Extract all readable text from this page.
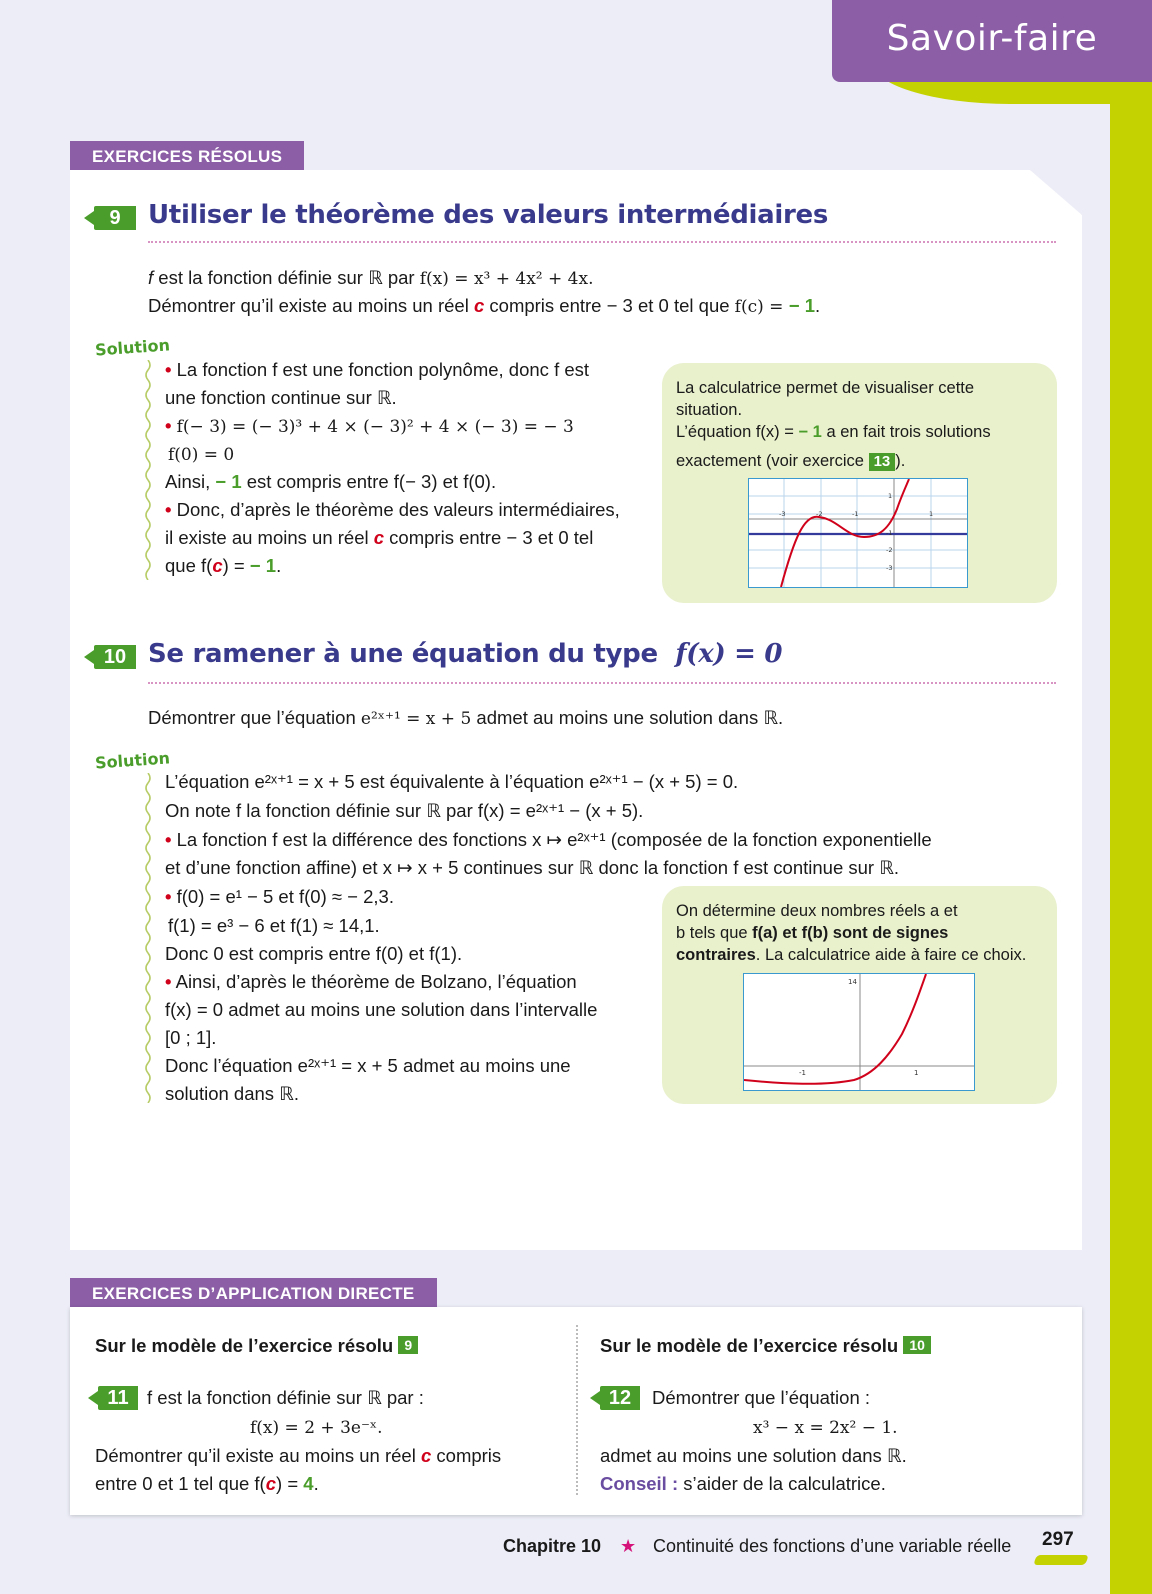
Savoir-faire
EXERCICES RÉSOLUS
9	Utiliser le théorème des valeurs intermédiaires
f est la fonction définie sur ℝ par f(x) = x³ + 4x² + 4x.
Démontrer qu’il existe au moins un réel c compris entre − 3 et 0 tel que f(c) = − 1.
Solution
• La fonction f est une fonction polynôme, donc f est
une fonction continue sur ℝ.
• f(− 3) = (− 3)³ + 4 × (− 3)² + 4 × (− 3) = − 3
f(0) = 0
Ainsi, − 1 est compris entre f(− 3) et f(0).
• Donc, d’après le théorème des valeurs intermédiaires,
il existe au moins un réel c compris entre − 3 et 0 tel
que f(c) = − 1.
La calculatrice permet de visualiser cette
situation.
L’équation f(x) = − 1 a en fait trois solutions
exactement (voir exercice 13 ).
-3	-2	-1	1
1
-1
-2
-3
10 Se ramener à une équation du type f(x) = 0
Démontrer que l’équation e²ˣ⁺¹ = x + 5 admet au moins une solution dans ℝ.
Solution
L’équation e²ˣ⁺¹ = x + 5 est équivalente à l’équation e²ˣ⁺¹ − (x + 5) = 0.
On note f la fonction définie sur ℝ par f(x) = e²ˣ⁺¹ − (x + 5).
• La fonction f est la différence des fonctions x ↦ e²ˣ⁺¹ (composée de la fonction exponentielle
et d’une fonction affine) et x ↦ x + 5 continues sur ℝ donc la fonction f est continue sur ℝ.
• f(0) = e¹ − 5 et f(0) ≈ − 2,3.
f(1) = e³ − 6 et f(1) ≈ 14,1.
Donc 0 est compris entre f(0) et f(1).
• Ainsi, d’après le théorème de Bolzano, l’équation
f(x) = 0 admet au moins une solution dans l’intervalle
[0 ; 1].
Donc l’équation e²ˣ⁺¹ = x + 5 admet au moins une
solution dans ℝ.
On détermine deux nombres réels a et
b tels que f(a) et f(b) sont de signes
contraires. La calculatrice aide à faire ce choix.
14
-1	1
EXERCICES D’APPLICATION DIRECTE
Sur le modèle de l’exercice résolu 9	Sur le modèle de l’exercice résolu 10
11 f est la fonction définie sur ℝ par :
f(x) = 2 + 3e⁻ˣ.
Démontrer qu’il existe au moins un réel c compris
entre 0 et 1 tel que f(c) = 4.
12	Démontrer que l’équation :
x³ − x = 2x² − 1.
admet au moins une solution dans ℝ.
Conseil : s’aider de la calculatrice.
Chapitre 10 ★ Continuité des fonctions d’une variable réelle 297
